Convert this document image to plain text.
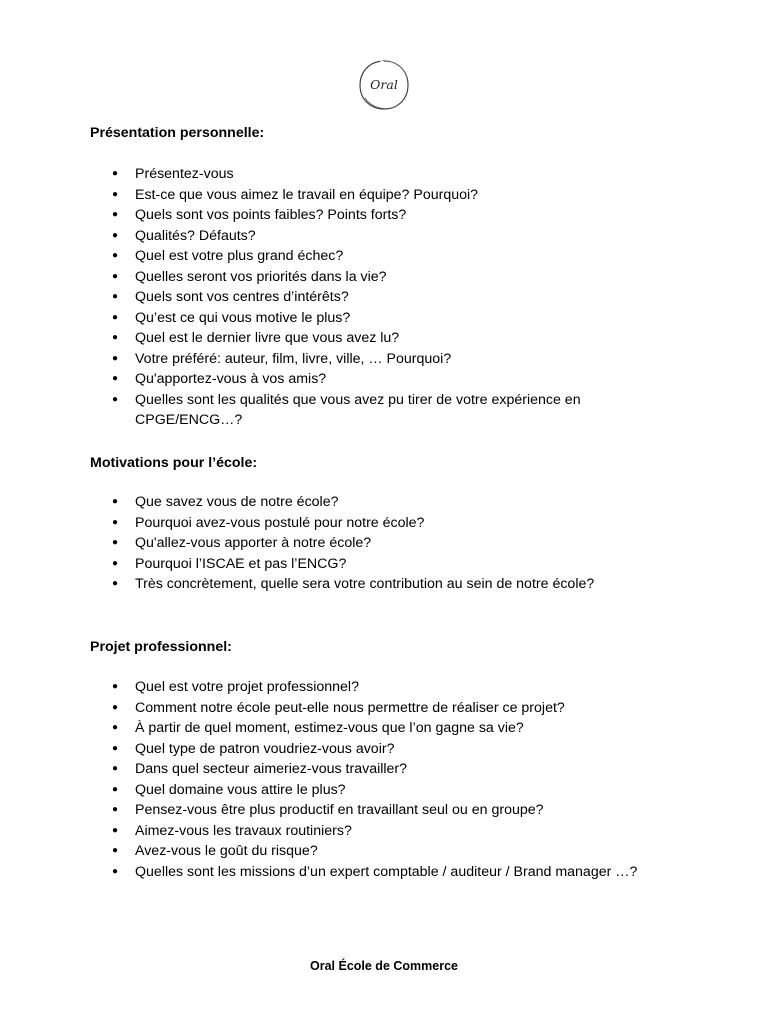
Oral
Présentation personnelle:
● Présentez-vous
● Est-ce que vous aimez le travail en équipe? Pourquoi?
● Quels sont vos points faibles? Points forts?
● Qualités? Défauts?
● Quel est votre plus grand échec?
● Quelles seront vos priorités dans la vie?
● Quels sont vos centres d’intérêts?
● Qu’est ce qui vous motive le plus?
● Quel est le dernier livre que vous avez lu?
● Votre préféré: auteur, film, livre, ville, … Pourquoi?
● Qu'apportez-vous à vos amis?
● Quelles sont les qualités que vous avez pu tirer de votre expérience en CPGE/ENCG…?
Motivations pour l’école:
● Que savez vous de notre école?
● Pourquoi avez-vous postulé pour notre école?
● Qu'allez-vous apporter à notre école?
● Pourquoi l’ISCAE et pas l’ENCG?
● Très concrètement, quelle sera votre contribution au sein de notre école?
Projet professionnel:
● Quel est votre projet professionnel?
● Comment notre école peut-elle nous permettre de réaliser ce projet?
● À partir de quel moment, estimez-vous que l’on gagne sa vie?
● Quel type de patron voudriez-vous avoir?
● Dans quel secteur aimeriez-vous travailler?
● Quel domaine vous attire le plus?
● Pensez-vous être plus productif en travaillant seul ou en groupe?
● Aimez-vous les travaux routiniers?
● Avez-vous le goût du risque?
● Quelles sont les missions d’un expert comptable / auditeur / Brand manager …?

Oral École de Commerce
